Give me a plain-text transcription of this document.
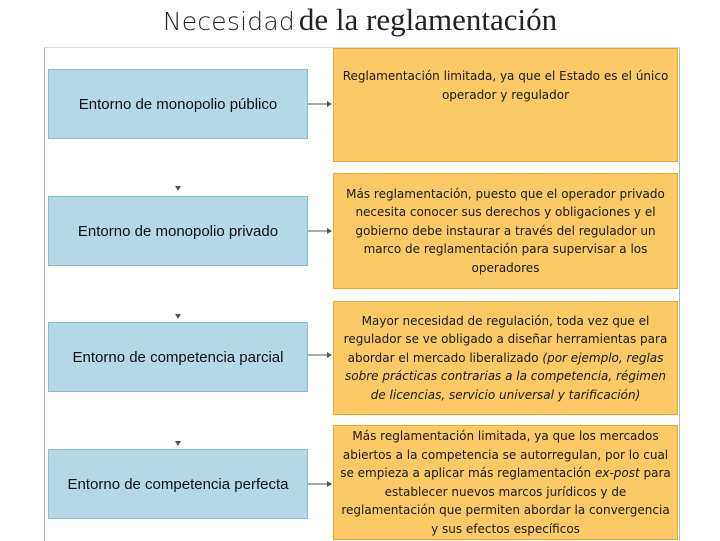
Necesidad de la reglamentación
Entorno de monopolio público
Reglamentación limitada, ya que el Estado es el único operador y regulador
Entorno de monopolio privado
Más reglamentación, puesto que el operador privado necesita conocer sus derechos y obligaciones y el gobierno debe instaurar a través del regulador un marco de reglamentación para supervisar a los operadores
Entorno de competencia parcial
Mayor necesidad de regulación, toda vez que el regulador se ve obligado a diseñar herramientas para abordar el mercado liberalizado (por ejemplo, reglas sobre prácticas contrarias a la competencia, régimen de licencias, servicio universal y tarificación)
Entorno de competencia perfecta
Más reglamentación limitada, ya que los mercados abiertos a la competencia se autorregulan, por lo cual se empieza a aplicar más reglamentación ex-post para establecer nuevos marcos jurídicos y de reglamentación que permiten abordar la convergencia y sus efectos específicos
